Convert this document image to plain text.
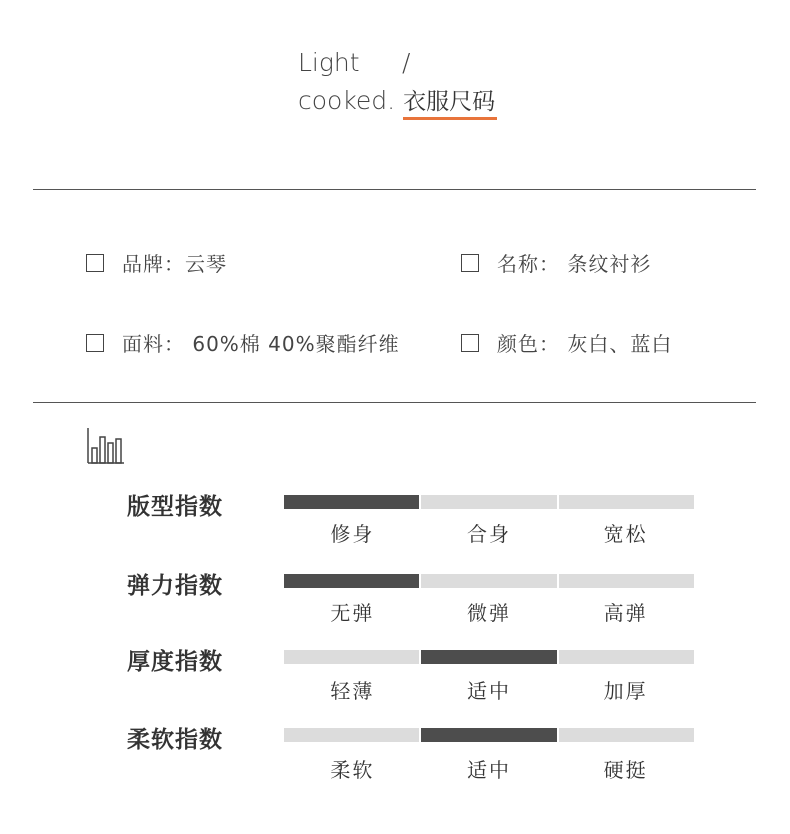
Light /
cooked. 衣服尺码
品牌：云琴	名称： 条纹衬衫
面料： 60%棉 40%聚酯纤维	颜色： 灰白、蓝白
版型指数
修身	合身	宽松
弹力指数
无弹	微弹	高弹
厚度指数
轻薄	适中	加厚
柔软指数
柔软	适中	硬挺
